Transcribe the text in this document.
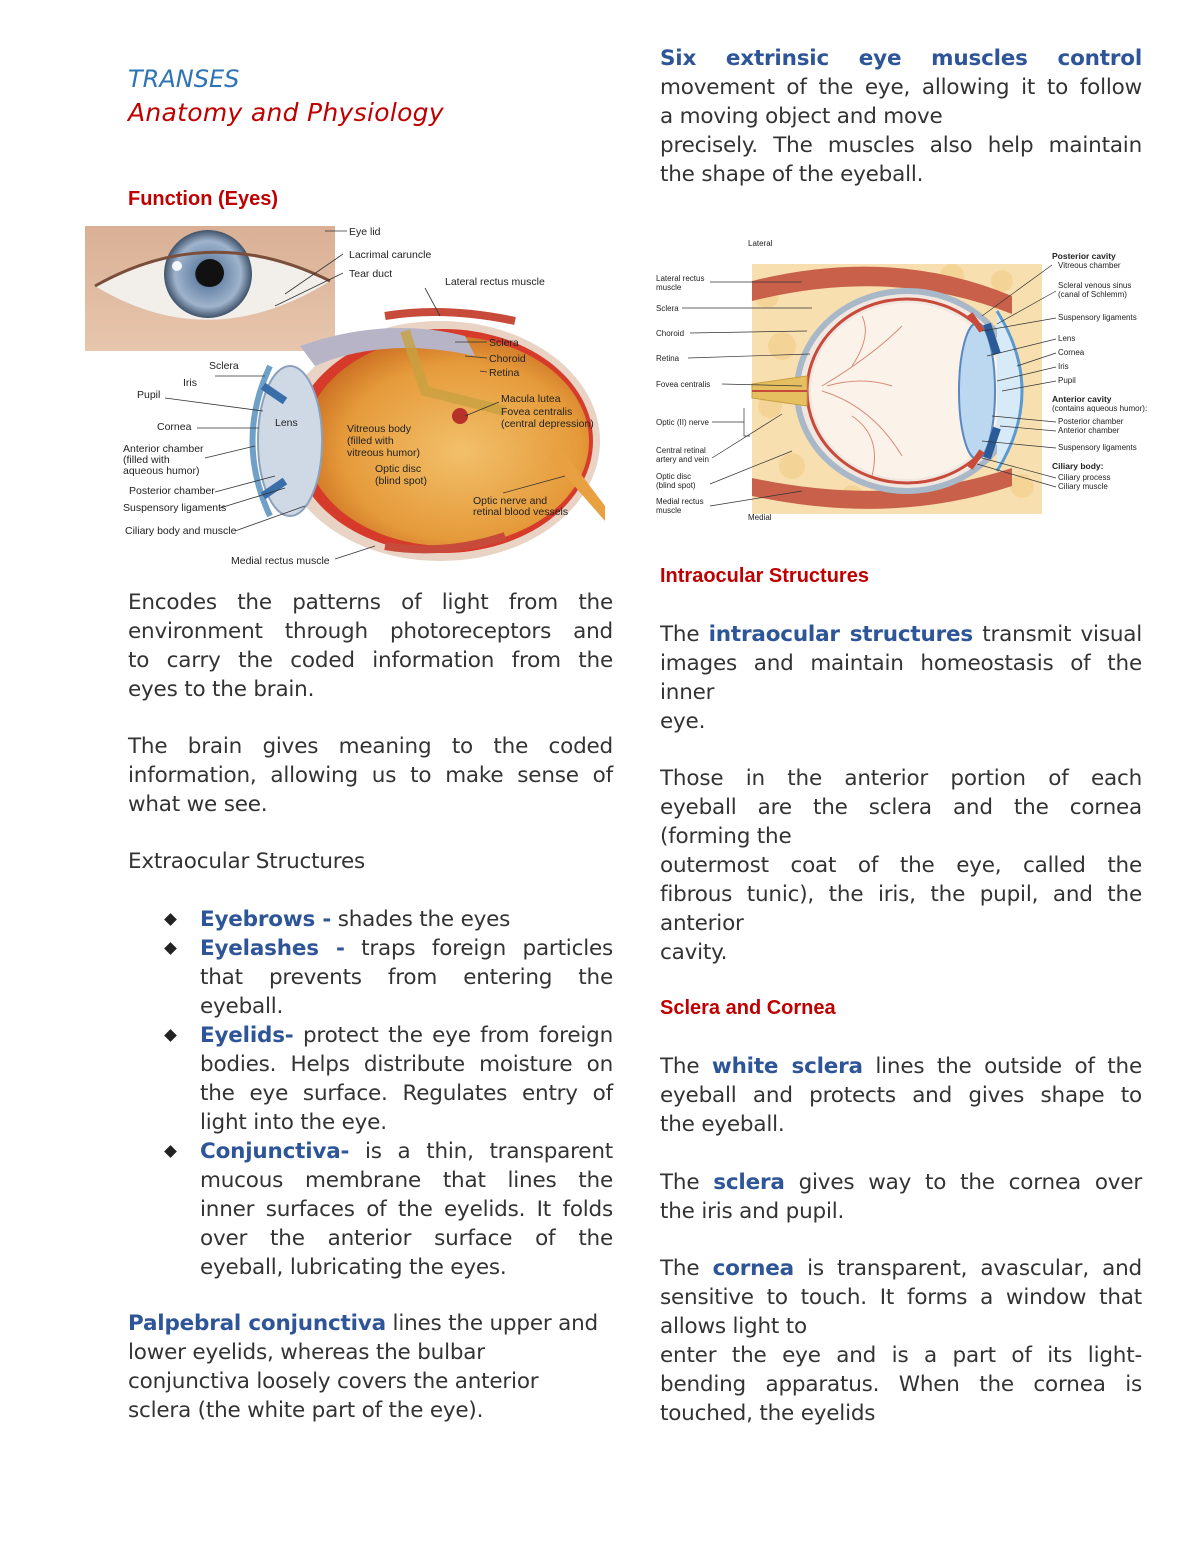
TRANSES
Anatomy and Physiology
Function (Eyes)
Eye lid
Lacrimal caruncle
Tear duct
Lateral rectus muscle
Sclera
Choroid
Retina
Sclera
Iris
Pupil	Macula lutea
Fovea centralis
(central depression)
Cornea	Lens	Vitreous body
(filled with
vitreous humor)
Anterior chamber
(filled with
aqueous humor)	Optic disc
(blind spot)
Posterior chamber
Optic nerve and
retinal blood vessels
Suspensory ligaments
Ciliary body and muscle
Medial rectus muscle
Encodes the patterns of light from the
environment through photoreceptors and
to carry the coded information from the
eyes to the brain.
The brain gives meaning to the coded
information, allowing us to make sense of
what we see.
Extraocular Structures
Eyebrows - shades the eyes
Eyelashes - traps foreign particles that prevents from entering the eyeball.
Eyelids- protect the eye from foreign bodies. Helps distribute moisture on the eye surface. Regulates entry of light into the eye.
Conjunctiva- is a thin, transparent mucous membrane that lines the inner surfaces of the eyelids. It folds over the anterior surface of the eyeball, lubricating the eyes.
Palpebral conjunctiva lines the upper and
lower eyelids, whereas the bulbar
conjunctiva loosely covers the anterior
sclera (the white part of the eye).
Six extrinsic eye muscles control
movement of the eye, allowing it to follow
a moving object and move
precisely. The muscles also help maintain
the shape of the eyeball.
Lateral
Medial
Lateral rectus
muscle
Sclera
Choroid
Retina
Fovea centralis
Optic (II) nerve
Central retinal
artery and vein
Optic disc
(blind spot)
Medial rectus
muscle
Posterior cavity
Vitreous chamber
Scleral venous sinus
(canal of Schlemm)
Suspensory ligaments
Lens
Cornea
Iris
Pupil
Anterior cavity
(contains aqueous humor):
Posterior chamber
Anterior chamber
Suspensory ligaments
Ciliary body:
Ciliary process
Ciliary muscle
Intraocular Structures
The intraocular structures transmit visual
images and maintain homeostasis of the
inner
eye.
Those in the anterior portion of each
eyeball are the sclera and the cornea
(forming the
outermost coat of the eye, called the
fibrous tunic), the iris, the pupil, and the
anterior
cavity.
Sclera and Cornea
The white sclera lines the outside of the
eyeball and protects and gives shape to
the eyeball.
The sclera gives way to the cornea over
the iris and pupil.
The cornea is transparent, avascular, and
sensitive to touch. It forms a window that
allows light to
enter the eye and is a part of its light-
bending apparatus. When the cornea is
touched, the eyelids
